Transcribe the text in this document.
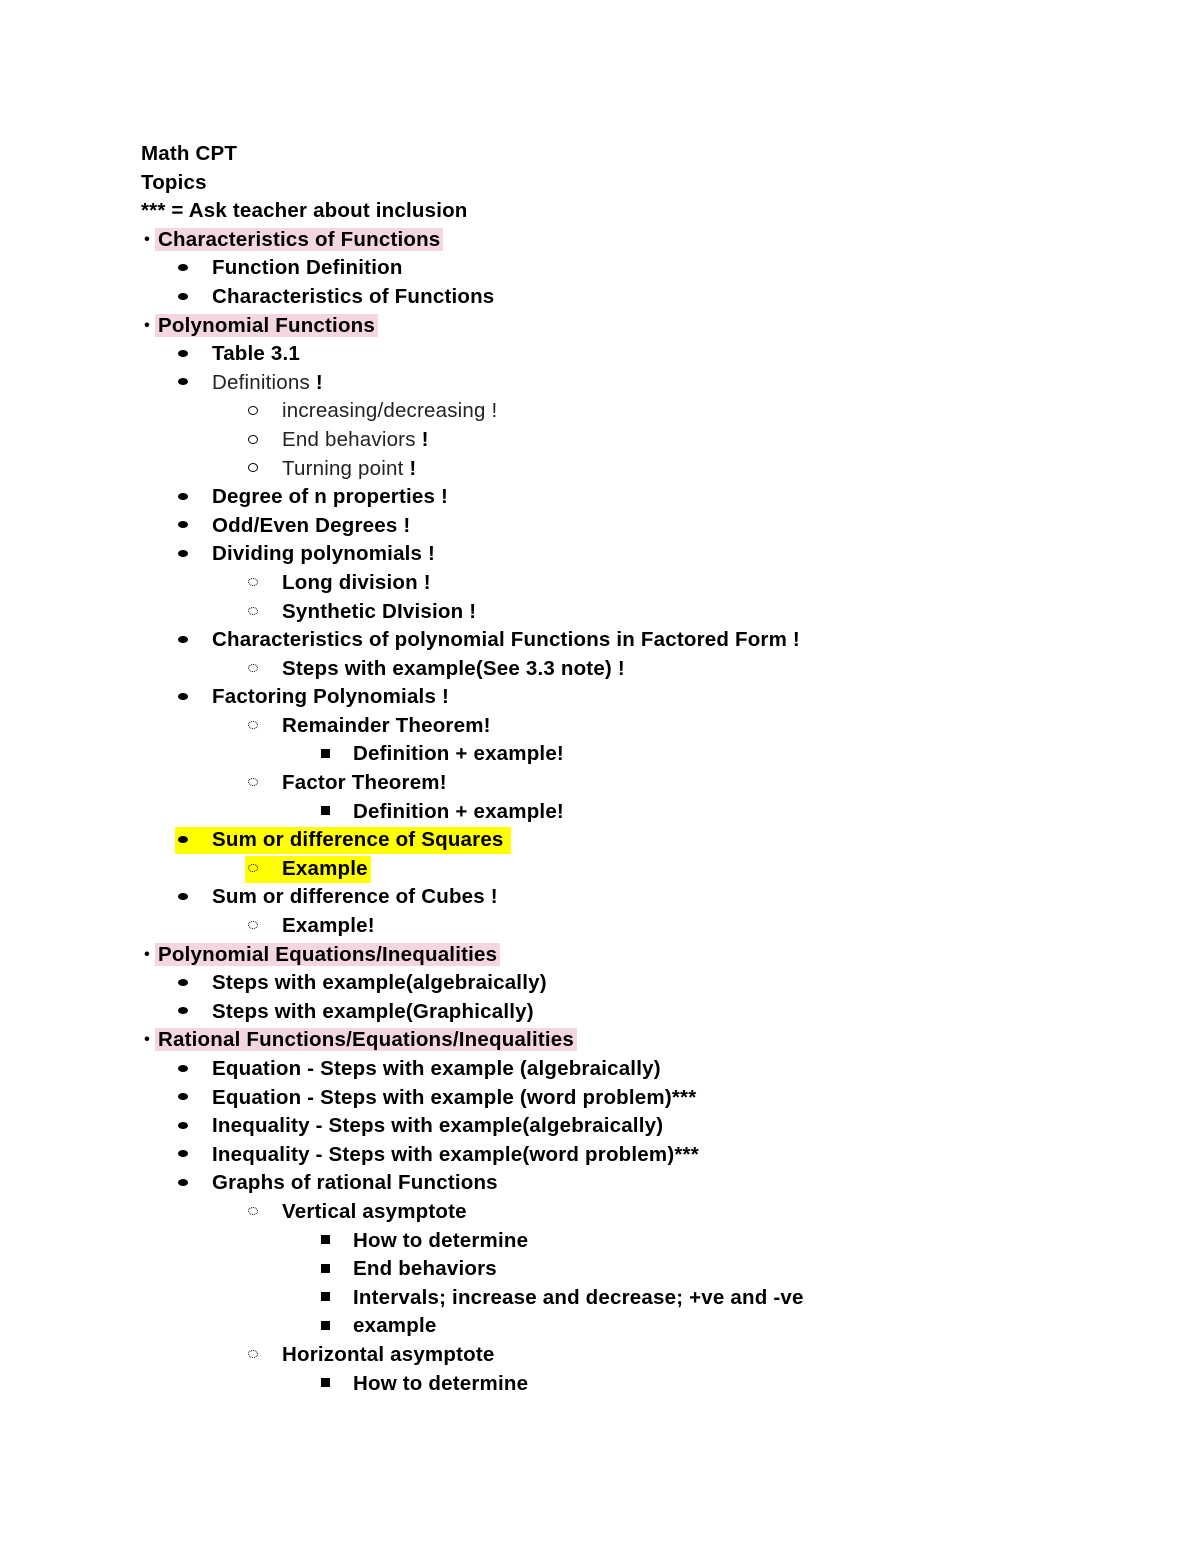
Math CPT
Topics
*** = Ask teacher about inclusion
• Characteristics of Functions
Function Definition
Characteristics of Functions
• Polynomial Functions
Table 3.1
Definitions !
increasing/decreasing !
End behaviors !
Turning point !
Degree of n properties !
Odd/Even Degrees !
Dividing polynomials !
Long division !
Synthetic DIvision !
Characteristics of polynomial Functions in Factored Form !
Steps with example(See 3.3 note) !
Factoring Polynomials !
Remainder Theorem!
Definition + example!
Factor Theorem!
Definition + example!
Sum or difference of Squares
Example
Sum or difference of Cubes !
Example!
• Polynomial Equations/Inequalities
Steps with example(algebraically)
Steps with example(Graphically)
• Rational Functions/Equations/Inequalities
Equation - Steps with example (algebraically)
Equation - Steps with example (word problem)***
Inequality - Steps with example(algebraically)
Inequality - Steps with example(word problem)***
Graphs of rational Functions
Vertical asymptote
How to determine
End behaviors
Intervals; increase and decrease; +ve and -ve
example
Horizontal asymptote
How to determine
